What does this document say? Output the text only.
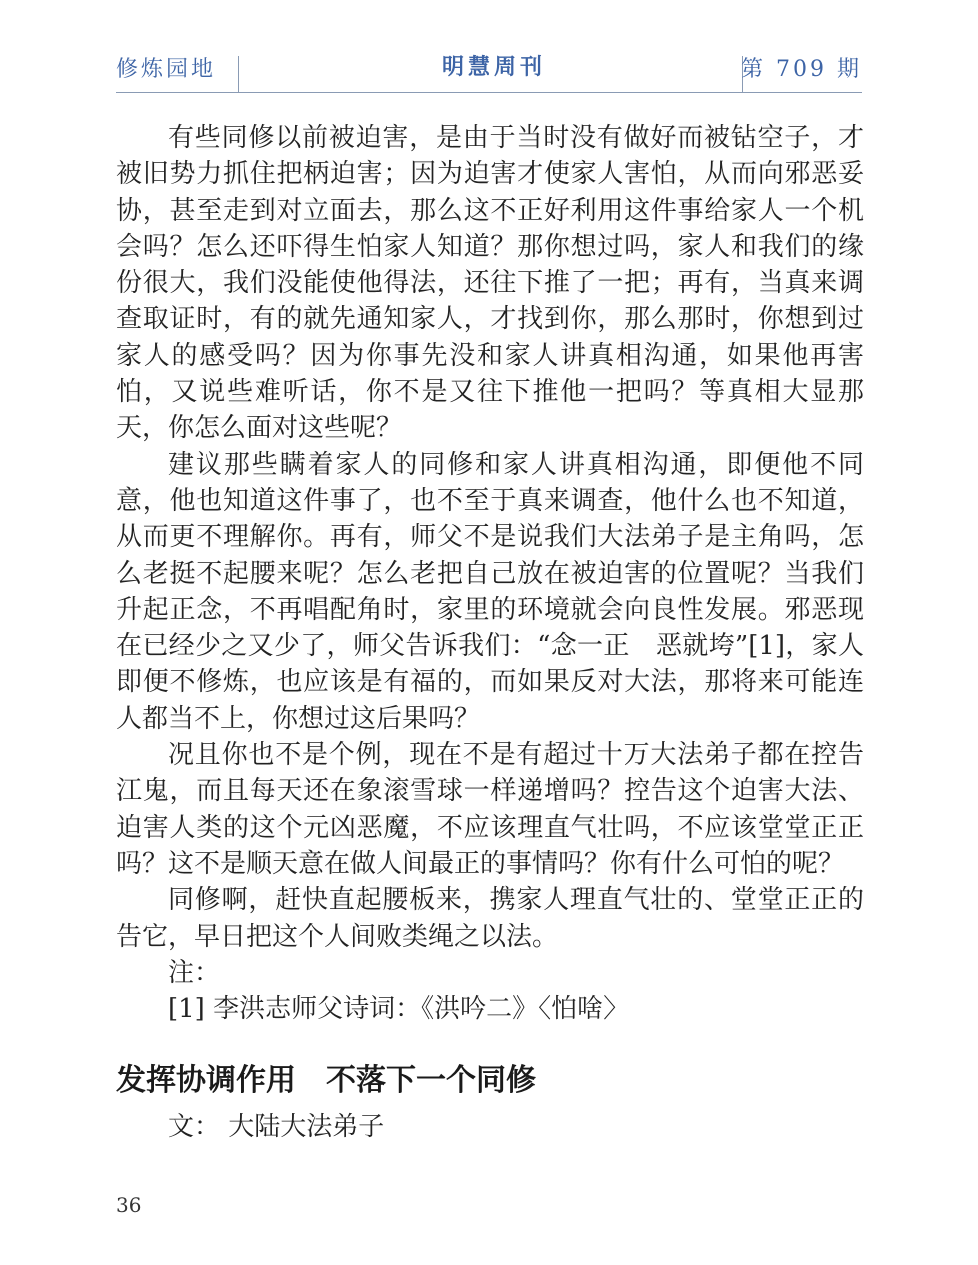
修炼园地	明慧周刊	第 709 期

有些同修以前被迫害，是由于当时没有做好而被钻空子，才被旧势力抓住把柄迫害；因为迫害才使家人害怕，从而向邪恶妥协，甚至走到对立面去，那么这不正好利用这件事给家人一个机会吗？怎么还吓得生怕家人知道？那你想过吗，家人和我们的缘份很大，我们没能使他得法，还往下推了一把；再有，当真来调查取证时，有的就先通知家人，才找到你，那么那时，你想到过家人的感受吗？因为你事先没和家人讲真相沟通，如果他再害怕，又说些难听话，你不是又往下推他一把吗？等真相大显那天，你怎么面对这些呢？

建议那些瞒着家人的同修和家人讲真相沟通，即便他不同意，他也知道这件事了，也不至于真来调查，他什么也不知道，从而更不理解你。再有，师父不是说我们大法弟子是主角吗，怎么老挺不起腰来呢？怎么老把自己放在被迫害的位置呢？当我们升起正念，不再唱配角时，家里的环境就会向良性发展。邪恶现在已经少之又少了，师父告诉我们：“念一正　恶就垮”[1]，家人即便不修炼，也应该是有福的，而如果反对大法，那将来可能连人都当不上，你想过这后果吗？

况且你也不是个例，现在不是有超过十万大法弟子都在控告江鬼，而且每天还在象滚雪球一样递增吗？控告这个迫害大法、迫害人类的这个元凶恶魔，不应该理直气壮吗，不应该堂堂正正吗？这不是顺天意在做人间最正的事情吗？你有什么可怕的呢？

同修啊，赶快直起腰板来，携家人理直气壮的、堂堂正正的告它，早日把这个人间败类绳之以法。

注：

[1] 李洪志师父诗词：《洪吟二》〈怕啥〉

发挥协调作用　不落下一个同修

文： 大陆大法弟子

36
